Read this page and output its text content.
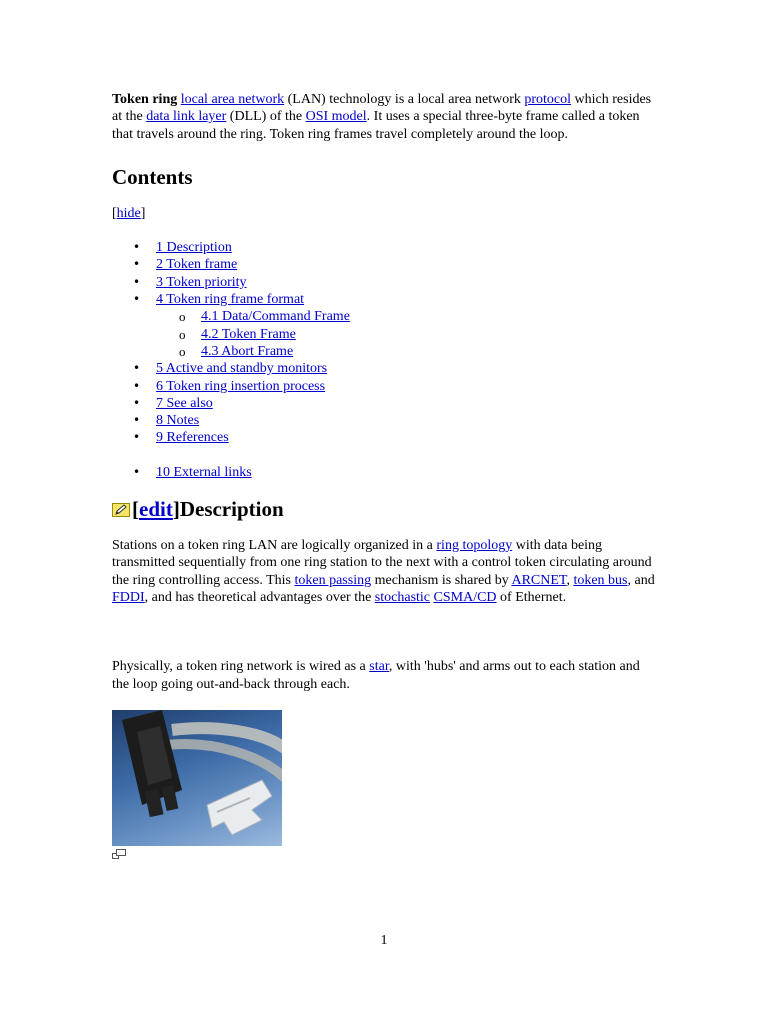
Token ring local area network (LAN) technology is a local area network protocol which resides at the data link layer (DLL) of the OSI model. It uses a special three-byte frame called a token that travels around the ring. Token ring frames travel completely around the loop.

Contents

[hide]

• 1 Description
• 2 Token frame
• 3 Token priority
• 4 Token ring frame format
o 4.1 Data/Command Frame
o 4.2 Token Frame
o 4.3 Abort Frame
• 5 Active and standby monitors
• 6 Token ring insertion process
• 7 See also
• 8 Notes
• 9 References
• 10 External links
[ edit ] Description

Stations on a token ring LAN are logically organized in a ring topology with data being transmitted sequentially from one ring station to the next with a control token circulating around the ring controlling access. This token passing mechanism is shared by ARCNET, token bus, and FDDI, and has theoretical advantages over the stochastic CSMA/CD of Ethernet.

Physically, a token ring network is wired as a star, with 'hubs' and arms out to each station and the loop going out-and-back through each.

1
